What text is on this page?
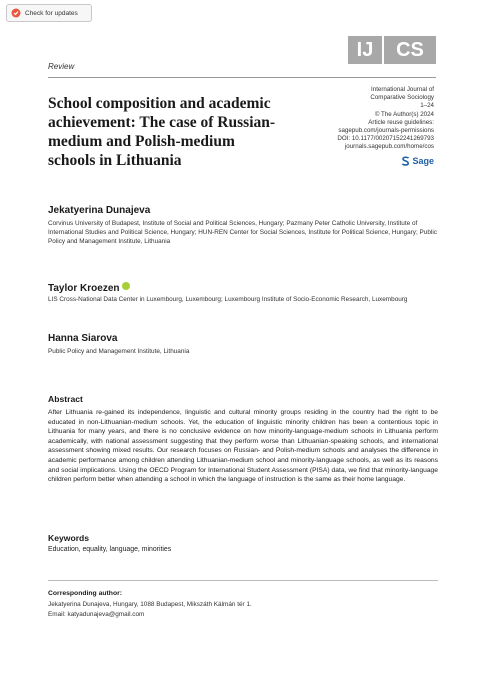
Check for updates
IJ	CS
Review
School composition and academic achievement: The case of Russian-medium and Polish-medium schools in Lithuania
International Journal of
Comparative Sociology
1–24
© The Author(s) 2024
Article reuse guidelines:
sagepub.com/journals-permissions
DOI: 10.1177/00207152241269793
journals.sagepub.com/home/cos
Sage
Jekatyerina Dunajeva
Corvinus University of Budapest, Institute of Social and Political Sciences, Hungary; Pazmany Peter Catholic University, Institute of International Studies and Political Science, Hungary; HUN-REN Center for Social Sciences, Institute for Political Science, Hungary; Public Policy and Management Institute, Lithuania
Taylor Kroezen
LIS Cross-National Data Center in Luxembourg, Luxembourg; Luxembourg Institute of Socio-Economic Research, Luxembourg
Hanna Siarova
Public Policy and Management Institute, Lithuania
Abstract
After Lithuania re-gained its independence, linguistic and cultural minority groups residing in the country had the right to be educated in non-Lithuanian-medium schools. Yet, the education of linguistic minority children has been a contentious topic in Lithuania for many years, and there is no conclusive evidence on how minority-language-medium schools in Lithuania perform academically, with national assessment suggesting that they perform worse than Lithuanian-speaking schools, and international assessment showing mixed results. Our research focuses on Russian- and Polish-medium schools and analyses the difference in academic performance among children attending Lithuanian-medium school and minority-language schools, as well as its reasons and social implications. Using the OECD Program for International Student Assessment (PISA) data, we find that minority-language children perform better when attending a school in which the language of instruction is the same as their home language.
Keywords
Education, equality, language, minorities
Corresponding author:
Jekatyerina Dunajeva, Hungary, 1088 Budapest, Mikszáth Kálmán tér 1.
Email: katyadunajeva@gmail.com
